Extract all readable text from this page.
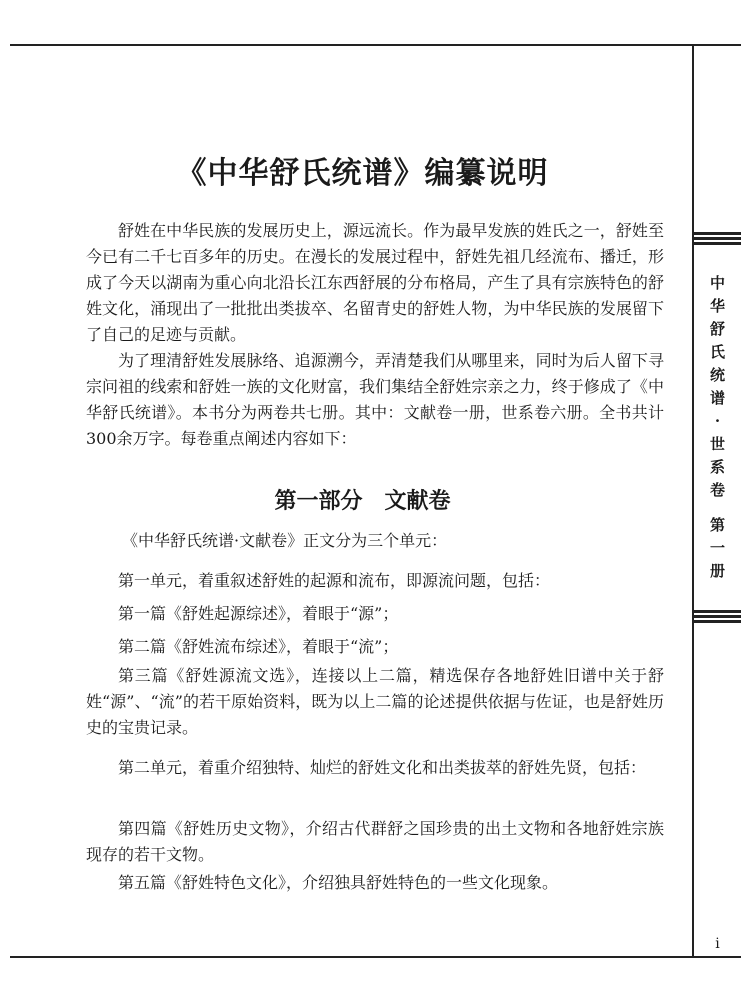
中
华
舒
氏
统
谱
·
世
系
卷
第
一
册
i
《中华舒氏统谱》编纂说明

舒姓在中华民族的发展历史上，源远流长。作为最早发族的姓氏之一，舒姓至今已有二千七百多年的历史。在漫长的发展过程中，舒姓先祖几经流布、播迁，形成了今天以湖南为重心向北沿长江东西舒展的分布格局，产生了具有宗族特色的舒姓文化，涌现出了一批批出类拔卒、名留青史的舒姓人物，为中华民族的发展留下了自己的足迹与贡献。

为了理清舒姓发展脉络、追源溯今，弄清楚我们从哪里来，同时为后人留下寻宗问祖的线索和舒姓一族的文化财富，我们集结全舒姓宗亲之力，终于修成了《中华舒氏统谱》。本书分为两卷共七册。其中：文献卷一册，世系卷六册。全书共计300余万字。每卷重点阐述内容如下：

第一部分　文献卷

《中华舒氏统谱·文献卷》正文分为三个单元：

第一单元，着重叙述舒姓的起源和流布，即源流问题，包括：

第一篇《舒姓起源综述》，着眼于“源”；

第二篇《舒姓流布综述》，着眼于“流”；

第三篇《舒姓源流文选》，连接以上二篇，精选保存各地舒姓旧谱中关于舒姓“源”、“流”的若干原始资料，既为以上二篇的论述提供依据与佐证，也是舒姓历史的宝贵记录。

第二单元，着重介绍独特、灿烂的舒姓文化和出类拔萃的舒姓先贤，包括：

第四篇《舒姓历史文物》，介绍古代群舒之国珍贵的出土文物和各地舒姓宗族现存的若干文物。

第五篇《舒姓特色文化》，介绍独具舒姓特色的一些文化现象。
